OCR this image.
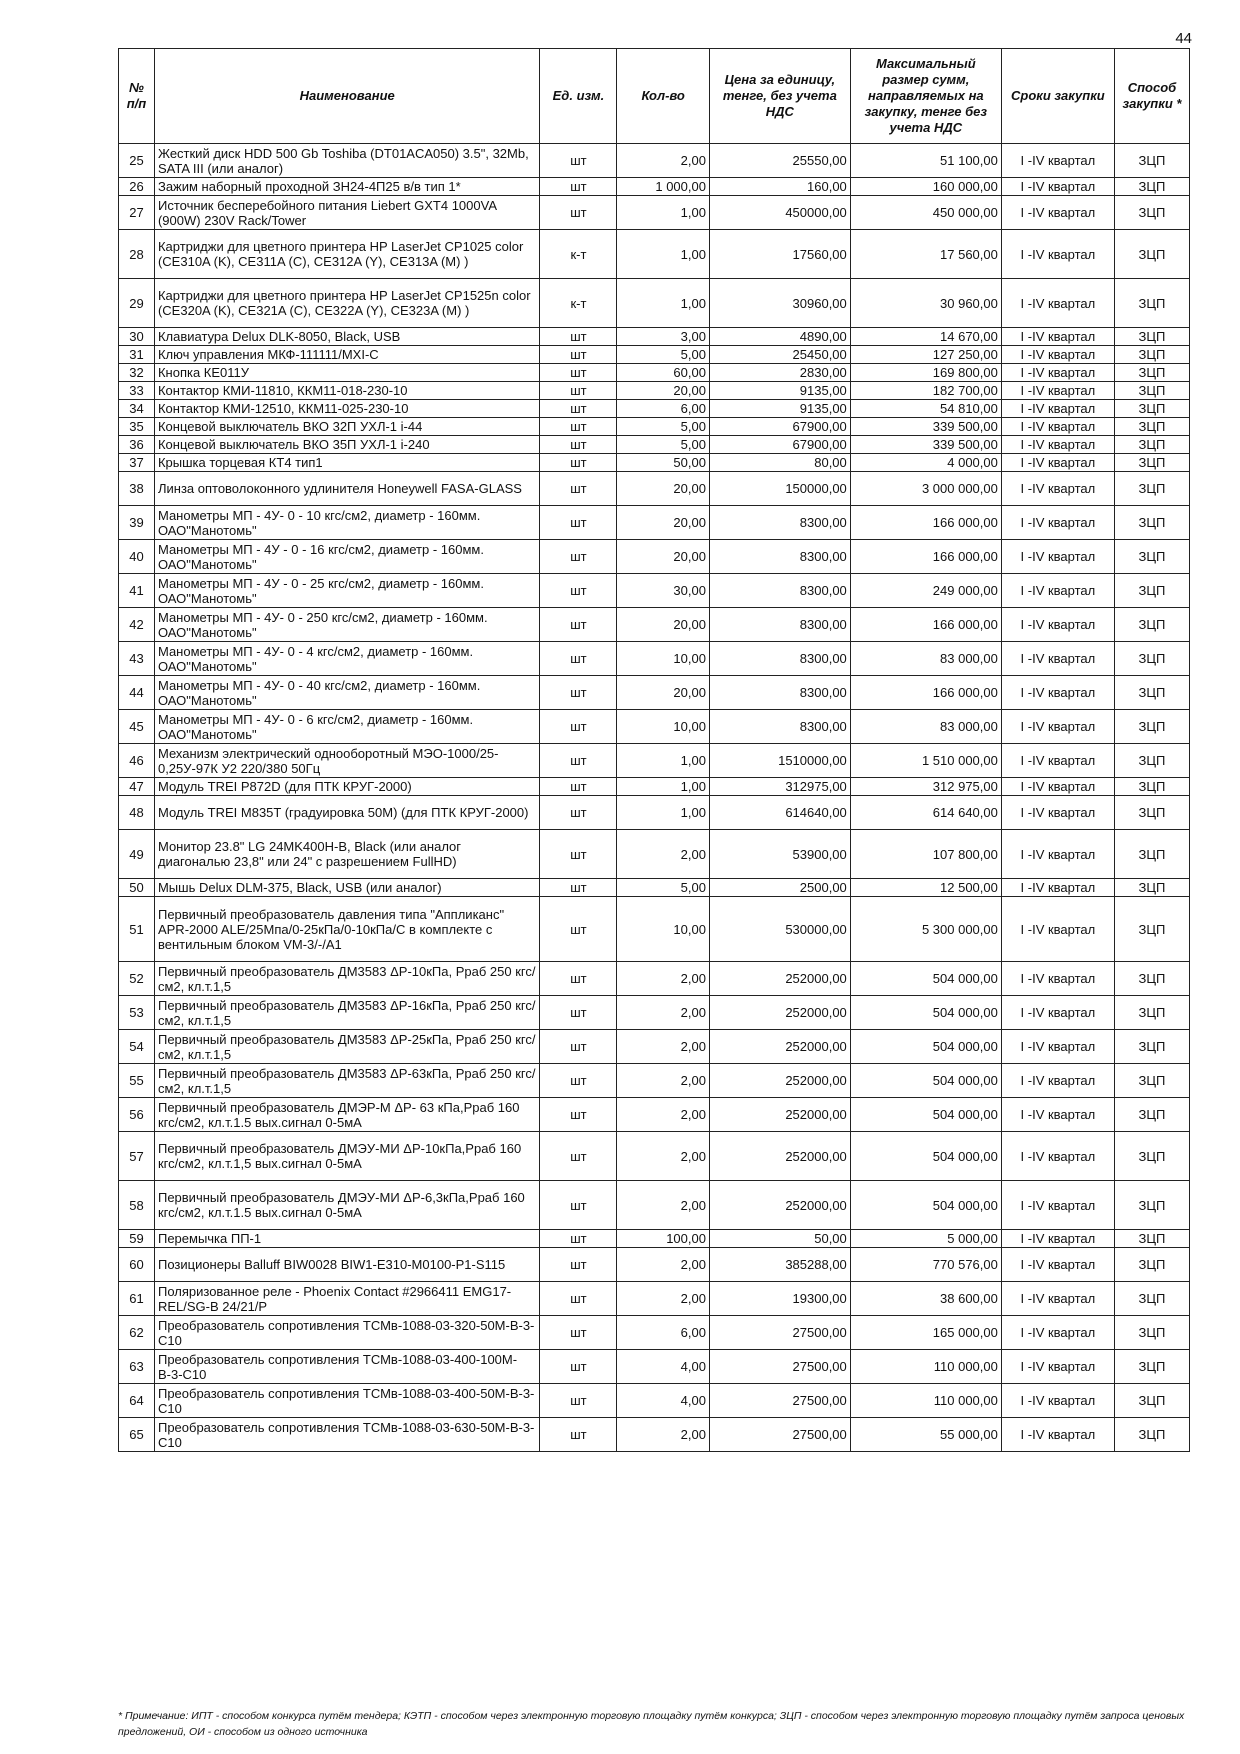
44
№ п/п	Наименование	Ед. изм.	Кол-во	Цена за единицу, тенге, без учета НДС	Максимальный размер сумм, направляемых на закупку, тенге без учета НДС	Сроки закупки	Способ закупки *
25	Жесткий диск HDD 500 Gb Toshiba (DT01ACA050) 3.5", 32Mb, SATA III (или аналог)	шт	2,00	25550,00	51 100,00	I -IV квартал	ЗЦП
26	Зажим наборный проходной ЗН24-4П25 в/в тип 1*	шт	1 000,00	160,00	160 000,00	I -IV квартал	ЗЦП
27	Источник бесперебойного питания Liebert GXT4 1000VA (900W) 230V Rack/Tower	шт	1,00	450000,00	450 000,00	I -IV квартал	ЗЦП
28	Картриджи для цветного принтера HP LaserJet CP1025 color (CE310A (K), CE311A (C), CE312A (Y), CE313A (M) )	к-т	1,00	17560,00	17 560,00	I -IV квартал	ЗЦП
29	Картриджи для цветного принтера HP LaserJet CP1525n color (CE320A (K), CE321A (C), CE322A (Y), CE323A (M) )	к-т	1,00	30960,00	30 960,00	I -IV квартал	ЗЦП
30	Клавиатура Delux DLK-8050, Black, USB	шт	3,00	4890,00	14 670,00	I -IV квартал	ЗЦП
31	Ключ управления МКФ-111111/MXI-C	шт	5,00	25450,00	127 250,00	I -IV квартал	ЗЦП
32	Кнопка КЕ011У	шт	60,00	2830,00	169 800,00	I -IV квартал	ЗЦП
33	Контактор КМИ-11810, ККМ11-018-230-10	шт	20,00	9135,00	182 700,00	I -IV квартал	ЗЦП
34	Контактор КМИ-12510, ККМ11-025-230-10	шт	6,00	9135,00	54 810,00	I -IV квартал	ЗЦП
35	Концевой выключатель ВКО 32П УХЛ-1 i-44	шт	5,00	67900,00	339 500,00	I -IV квартал	ЗЦП
36	Концевой выключатель ВКО 35П УХЛ-1 i-240	шт	5,00	67900,00	339 500,00	I -IV квартал	ЗЦП
37	Крышка торцевая КТ4 тип1	шт	50,00	80,00	4 000,00	I -IV квартал	ЗЦП
38	Линза оптоволоконного удлинителя Honeywell FASA-GLASS	шт	20,00	150000,00	3 000 000,00	I -IV квартал	ЗЦП
39	Манометры МП - 4У- 0 - 10 кгс/см2, диаметр - 160мм. ОАО"Манотомь"	шт	20,00	8300,00	166 000,00	I -IV квартал	ЗЦП
40	Манометры МП - 4У - 0 - 16 кгс/см2, диаметр - 160мм. ОАО"Манотомь"	шт	20,00	8300,00	166 000,00	I -IV квартал	ЗЦП
41	Манометры МП - 4У - 0 - 25 кгс/см2, диаметр - 160мм. ОАО"Манотомь"	шт	30,00	8300,00	249 000,00	I -IV квартал	ЗЦП
42	Манометры МП - 4У- 0 - 250 кгс/см2, диаметр - 160мм. ОАО"Манотомь"	шт	20,00	8300,00	166 000,00	I -IV квартал	ЗЦП
43	Манометры МП - 4У- 0 - 4 кгс/см2, диаметр - 160мм. ОАО"Манотомь"	шт	10,00	8300,00	83 000,00	I -IV квартал	ЗЦП
44	Манометры МП - 4У- 0 - 40 кгс/см2, диаметр - 160мм. ОАО"Манотомь"	шт	20,00	8300,00	166 000,00	I -IV квартал	ЗЦП
45	Манометры МП - 4У- 0 - 6 кгс/см2, диаметр - 160мм. ОАО"Манотомь"	шт	10,00	8300,00	83 000,00	I -IV квартал	ЗЦП
46	Механизм электрический однооборотный МЭО-1000/25-0,25У-97К У2 220/380 50Гц	шт	1,00	1510000,00	1 510 000,00	I -IV квартал	ЗЦП
47	Модуль TREI P872D (для ПТК КРУГ-2000)	шт	1,00	312975,00	312 975,00	I -IV квартал	ЗЦП
48	Модуль TREI M835T (градуировка 50М) (для ПТК КРУГ-2000)	шт	1,00	614640,00	614 640,00	I -IV квартал	ЗЦП
49	Монитор 23.8" LG 24MK400H-B, Black (или аналог диагональю 23,8" или 24" с разрешением FullHD)	шт	2,00	53900,00	107 800,00	I -IV квартал	ЗЦП
50	Мышь Delux DLM-375, Black, USB (или аналог)	шт	5,00	2500,00	12 500,00	I -IV квартал	ЗЦП
51	Первичный преобразователь давления типа "Аппликанс" APR-2000 ALE/25Mпа/0-25кПа/0-10кПа/С в комплекте с вентильным блоком VM-3/-/A1	шт	10,00	530000,00	5 300 000,00	I -IV квартал	ЗЦП
52	Первичный преобразователь ДМ3583 ΔР-10кПа, Рраб 250 кгс/см2, кл.т.1,5	шт	2,00	252000,00	504 000,00	I -IV квартал	ЗЦП
53	Первичный преобразователь ДМ3583 ΔР-16кПа, Рраб 250 кгс/см2, кл.т.1,5	шт	2,00	252000,00	504 000,00	I -IV квартал	ЗЦП
54	Первичный преобразователь ДМ3583 ΔР-25кПа, Рраб 250 кгс/см2, кл.т.1,5	шт	2,00	252000,00	504 000,00	I -IV квартал	ЗЦП
55	Первичный преобразователь ДМ3583 ΔР-63кПа, Рраб 250 кгс/см2, кл.т.1,5	шт	2,00	252000,00	504 000,00	I -IV квартал	ЗЦП
56	Первичный преобразователь ДМЭР-М ΔР- 63 кПа,Рраб 160 кгс/см2, кл.т.1.5 вых.сигнал 0-5мА	шт	2,00	252000,00	504 000,00	I -IV квартал	ЗЦП
57	Первичный преобразователь ДМЭУ-МИ ΔР-10кПа,Рраб 160 кгс/см2, кл.т.1,5 вых.сигнал 0-5мА	шт	2,00	252000,00	504 000,00	I -IV квартал	ЗЦП
58	Первичный преобразователь ДМЭУ-МИ ΔР-6,3кПа,Рраб 160 кгс/см2, кл.т.1.5 вых.сигнал 0-5мА	шт	2,00	252000,00	504 000,00	I -IV квартал	ЗЦП
59	Перемычка ПП-1	шт	100,00	50,00	5 000,00	I -IV квартал	ЗЦП
60	Позиционеры Balluff BIW0028 BIW1-E310-M0100-P1-S115	шт	2,00	385288,00	770 576,00	I -IV квартал	ЗЦП
61	Поляризованное реле - Phoenix Contact #2966411 EMG17-REL/SG-B 24/21/P	шт	2,00	19300,00	38 600,00	I -IV квартал	ЗЦП
62	Преобразователь сопротивления ТСМв-1088-03-320-50М-В-3-С10	шт	6,00	27500,00	165 000,00	I -IV квартал	ЗЦП
63	Преобразователь сопротивления ТСМв-1088-03-400-100М-В-3-С10	шт	4,00	27500,00	110 000,00	I -IV квартал	ЗЦП
64	Преобразователь сопротивления ТСМв-1088-03-400-50М-В-3-С10	шт	4,00	27500,00	110 000,00	I -IV квартал	ЗЦП
65	Преобразователь сопротивления ТСМв-1088-03-630-50М-В-3-С10	шт	2,00	27500,00	55 000,00	I -IV квартал	ЗЦП
* Примечание: ИПТ - способом конкурса путём тендера; КЭТП - способом через электронную торговую площадку путём конкурса; ЗЦП - способом через электронную торговую площадку путём запроса ценовых предложений, ОИ - способом из одного источника
